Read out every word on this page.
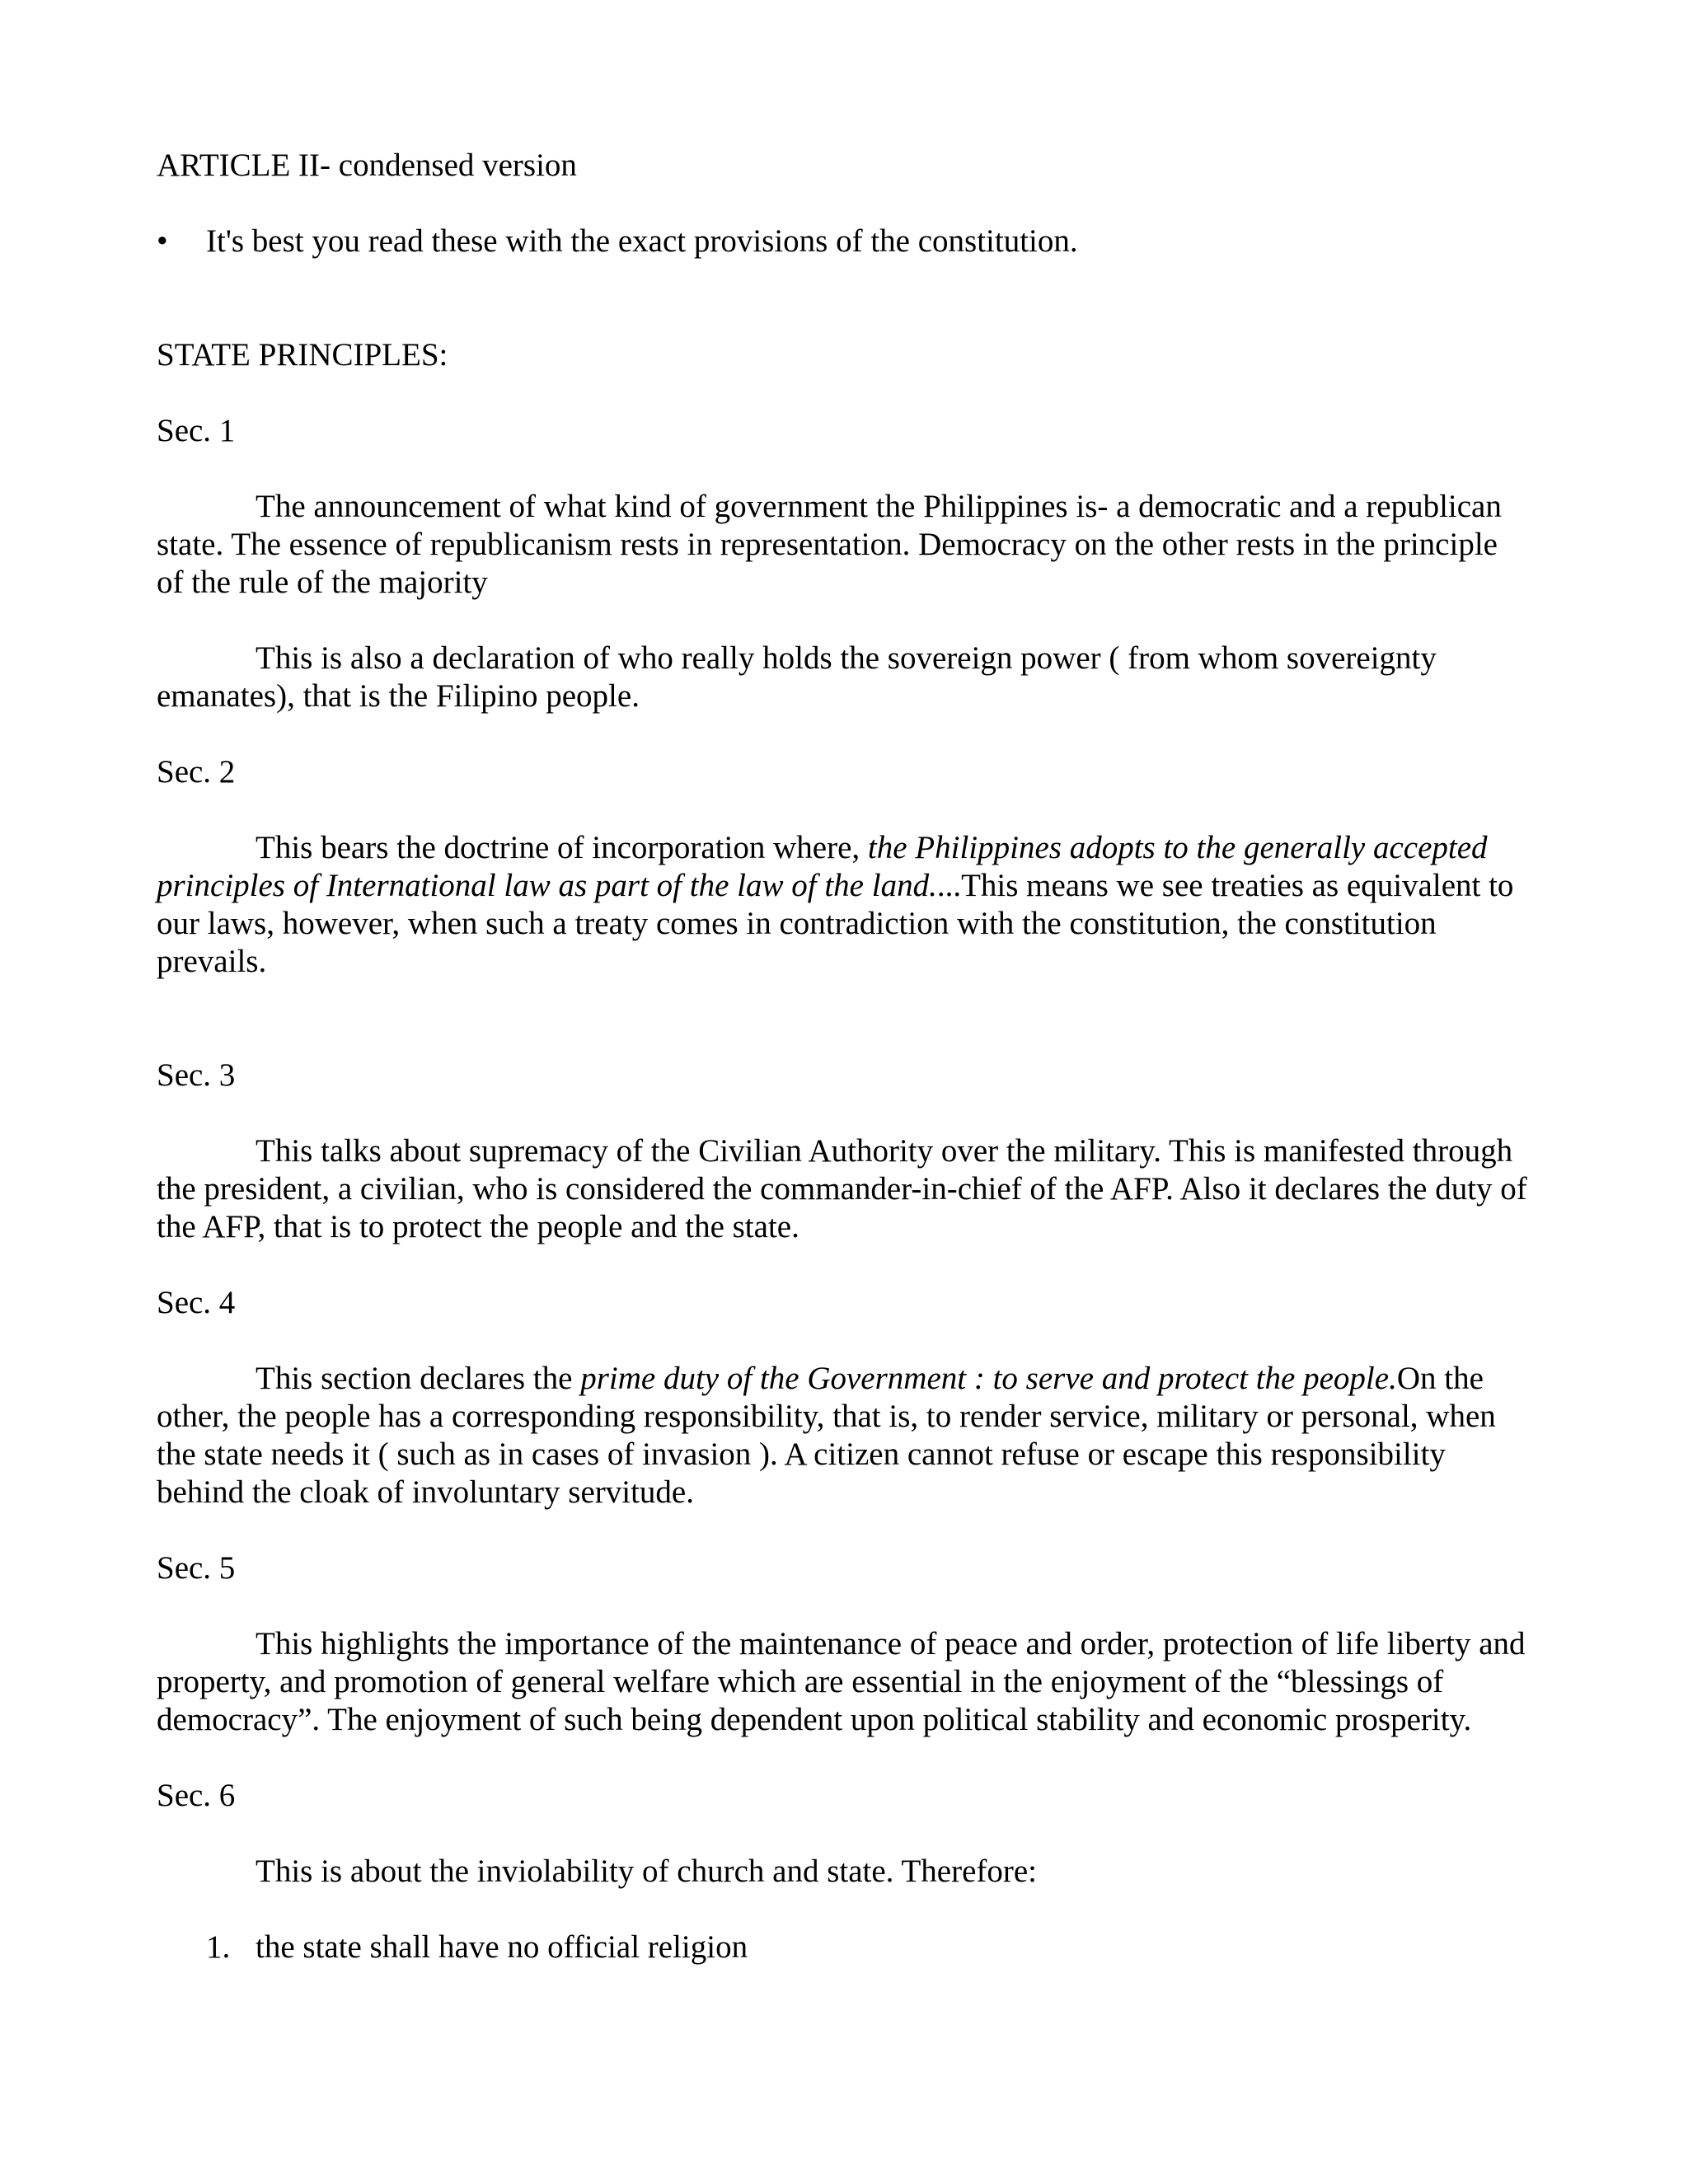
ARTICLE II- condensed version

• It's best you read these with the exact provisions of the constitution.

STATE PRINCIPLES:

Sec. 1

The announcement of what kind of government the Philippines is- a democratic and a republican state. The essence of republicanism rests in representation. Democracy on the other rests in the principle of the rule of the majority

This is also a declaration of who really holds the sovereign power ( from whom sovereignty emanates), that is the Filipino people.

Sec. 2

This bears the doctrine of incorporation where, the Philippines adopts to the generally accepted principles of International law as part of the law of the land....This means we see treaties as equivalent to our laws, however, when such a treaty comes in contradiction with the constitution, the constitution prevails.

Sec. 3

This talks about supremacy of the Civilian Authority over the military. This is manifested through the president, a civilian, who is considered the commander-in-chief of the AFP. Also it declares the duty of the AFP, that is to protect the people and the state.

Sec. 4

This section declares the prime duty of the Government : to serve and protect the people.On the other, the people has a corresponding responsibility, that is, to render service, military or personal, when the state needs it ( such as in cases of invasion ). A citizen cannot refuse or escape this responsibility behind the cloak of involuntary servitude.

Sec. 5

This highlights the importance of the maintenance of peace and order, protection of life liberty and property, and promotion of general welfare which are essential in the enjoyment of the “blessings of democracy”. The enjoyment of such being dependent upon political stability and economic prosperity.

Sec. 6

This is about the inviolability of church and state. Therefore:

1. the state shall have no official religion
